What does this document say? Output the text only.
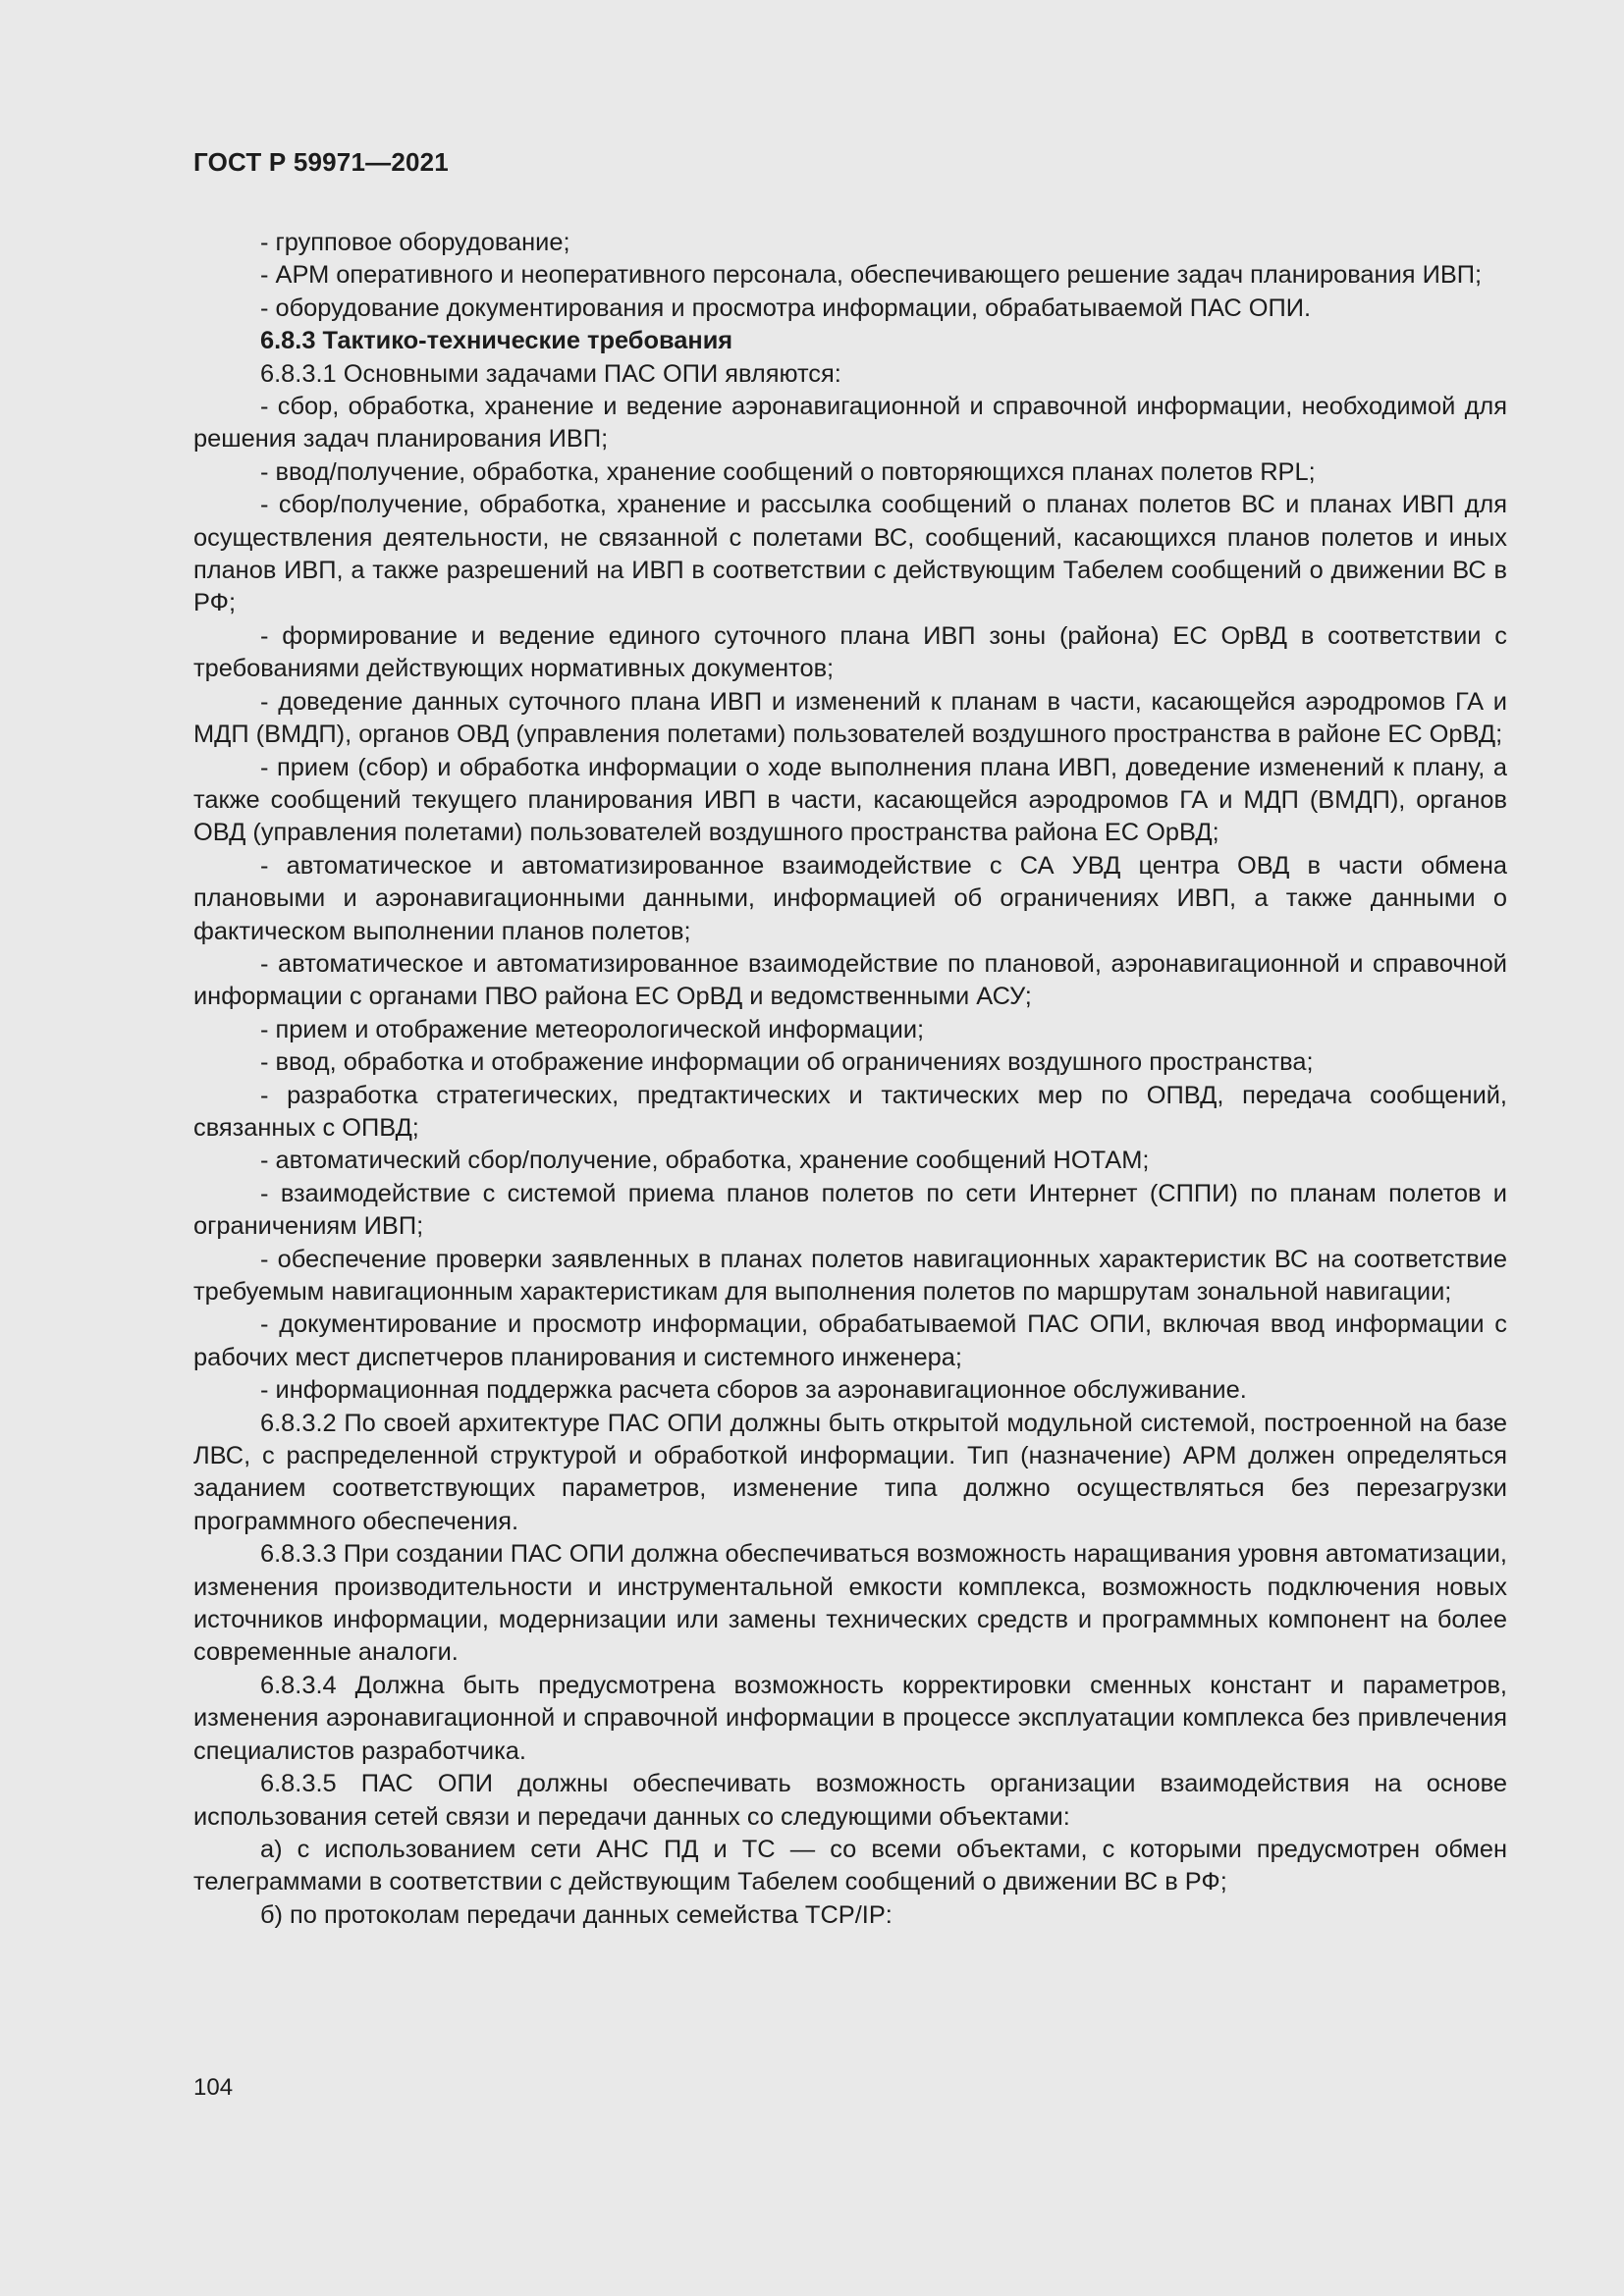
ГОСТ Р 59971—2021

- групповое оборудование;

- АРМ оперативного и неоперативного персонала, обеспечивающего решение задач планирования ИВП;

- оборудование документирования и просмотра информации, обрабатываемой ПАС ОПИ.

6.8.3 Тактико-технические требования

6.8.3.1 Основными задачами ПАС ОПИ являются:

- сбор, обработка, хранение и ведение аэронавигационной и справочной информации, необходимой для решения задач планирования ИВП;

- ввод/получение, обработка, хранение сообщений о повторяющихся планах полетов RPL;

- сбор/получение, обработка, хранение и рассылка сообщений о планах полетов ВС и планах ИВП для осуществления деятельности, не связанной с полетами ВС, сообщений, касающихся планов полетов и иных планов ИВП, а также разрешений на ИВП в соответствии с действующим Табелем сообщений о движении ВС в РФ;

- формирование и ведение единого суточного плана ИВП зоны (района) ЕС ОрВД в соответствии с требованиями действующих нормативных документов;

- доведение данных суточного плана ИВП и изменений к планам в части, касающейся аэродромов ГА и МДП (ВМДП), органов ОВД (управления полетами) пользователей воздушного пространства в районе ЕС ОрВД;

- прием (сбор) и обработка информации о ходе выполнения плана ИВП, доведение изменений к плану, а также сообщений текущего планирования ИВП в части, касающейся аэродромов ГА и МДП (ВМДП), органов ОВД (управления полетами) пользователей воздушного пространства района ЕС ОрВД;

- автоматическое и автоматизированное взаимодействие с СА УВД центра ОВД в части обмена плановыми и аэронавигационными данными, информацией об ограничениях ИВП, а также данными о фактическом выполнении планов полетов;

- автоматическое и автоматизированное взаимодействие по плановой, аэронавигационной и справочной информации с органами ПВО района ЕС ОрВД и ведомственными АСУ;

- прием и отображение метеорологической информации;

- ввод, обработка и отображение информации об ограничениях воздушного пространства;

- разработка стратегических, предтактических и тактических мер по ОПВД, передача сообщений, связанных с ОПВД;

- автоматический сбор/получение, обработка, хранение сообщений НОТАМ;

- взаимодействие с системой приема планов полетов по сети Интернет (СППИ) по планам полетов и ограничениям ИВП;

- обеспечение проверки заявленных в планах полетов навигационных характеристик ВС на соответствие требуемым навигационным характеристикам для выполнения полетов по маршрутам зональной навигации;

- документирование и просмотр информации, обрабатываемой ПАС ОПИ, включая ввод информации с рабочих мест диспетчеров планирования и системного инженера;

- информационная поддержка расчета сборов за аэронавигационное обслуживание.

6.8.3.2 По своей архитектуре ПАС ОПИ должны быть открытой модульной системой, построенной на базе ЛВС, с распределенной структурой и обработкой информации. Тип (назначение) АРМ должен определяться заданием соответствующих параметров, изменение типа должно осуществляться без перезагрузки программного обеспечения.

6.8.3.3 При создании ПАС ОПИ должна обеспечиваться возможность наращивания уровня автоматизации, изменения производительности и инструментальной емкости комплекса, возможность подключения новых источников информации, модернизации или замены технических средств и программных компонент на более современные аналоги.

6.8.3.4 Должна быть предусмотрена возможность корректировки сменных констант и параметров, изменения аэронавигационной и справочной информации в процессе эксплуатации комплекса без привлечения специалистов разработчика.

6.8.3.5 ПАС ОПИ должны обеспечивать возможность организации взаимодействия на основе использования сетей связи и передачи данных со следующими объектами:

а) с использованием сети АНС ПД и ТС — со всеми объектами, с которыми предусмотрен обмен телеграммами в соответствии с действующим Табелем сообщений о движении ВС в РФ;

б) по протоколам передачи данных семейства TCP/IP:

104
